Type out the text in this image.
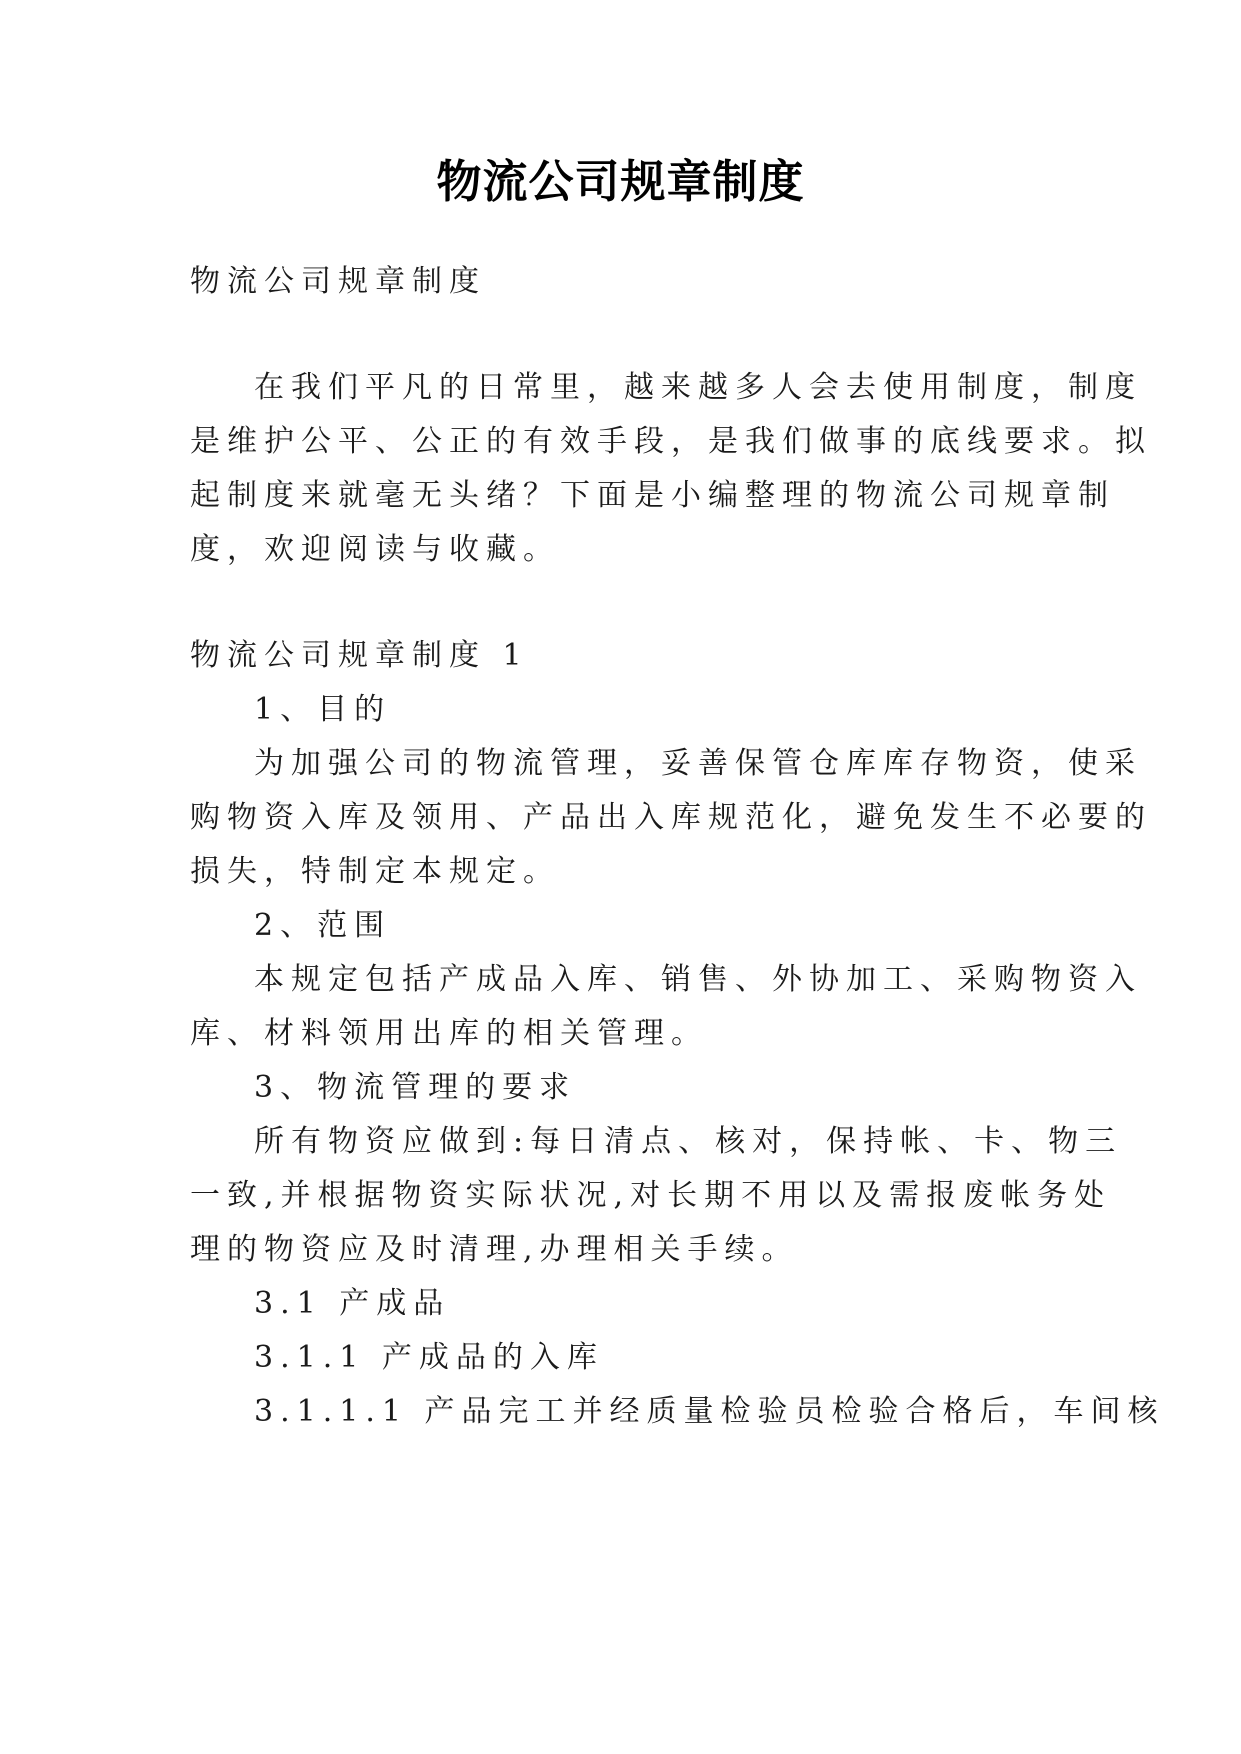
物流公司规章制度
物流公司规章制度
在我们平凡的日常里，越来越多人会去使用制度，制度
是维护公平、公正的有效手段，是我们做事的底线要求。拟
起制度来就毫无头绪？下面是小编整理的物流公司规章制
度，欢迎阅读与收藏。
物流公司规章制度 1
1、目的
为加强公司的物流管理，妥善保管仓库库存物资，使采
购物资入库及领用、产品出入库规范化，避免发生不必要的
损失，特制定本规定。
2、范围
本规定包括产成品入库、销售、外协加工、采购物资入
库、材料领用出库的相关管理。
3、物流管理的要求
所有物资应做到:每日清点、核对，保持帐、卡、物三
一致,并根据物资实际状况,对长期不用以及需报废帐务处
理的物资应及时清理,办理相关手续。
3.1 产成品
3.1.1 产成品的入库
3.1.1.1 产品完工并经质量检验员检验合格后，车间核
